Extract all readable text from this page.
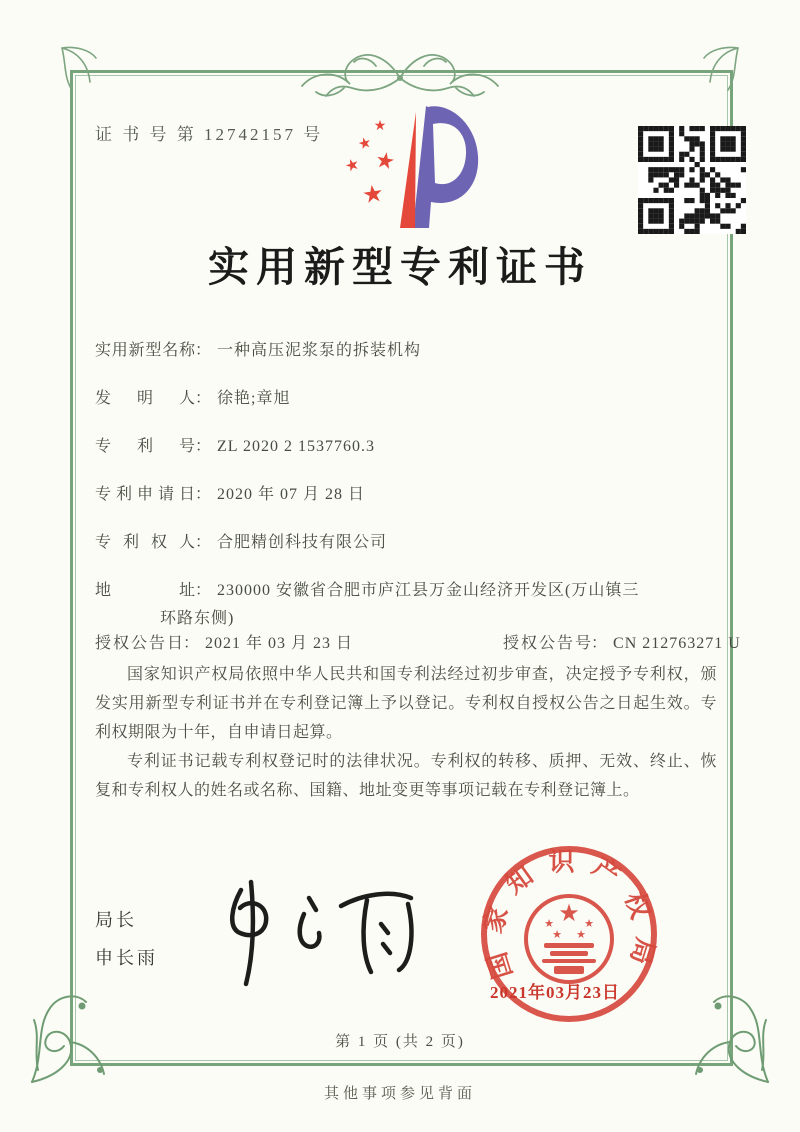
证 书 号 第 12742157 号	★
★
★ ★
★
实用新型专利证书
实用新型名称： 一种高压泥浆泵的拆装机构
发明人： 徐艳;章旭
专利号： ZL 2020 2 1537760.3
专利申请日： 2020 年 07 月 28 日
专利权人： 合肥精创科技有限公司
地址： 230000 安徽省合肥市庐江县万金山经济开发区(万山镇三
环路东侧)
授权公告日： 2021 年 03 月 23 日	授权公告号： CN 212763271 U

国家知识产权局依照中华人民共和国专利法经过初步审查，决定授予专利权，颁发实用新型专利证书并在专利登记簿上予以登记。专利权自授权公告之日起生效。专利权期限为十年，自申请日起算。

专利证书记载专利权登记时的法律状况。专利权的转移、质押、无效、终止、恢复和专利权人的姓名或名称、国籍、地址变更等事项记载在专利登记簿上。

局长
申长雨	国家知识产权局
★
★	★
★ ★
2021年03月23日
第 1 页 (共 2 页)
其他事项参见背面
